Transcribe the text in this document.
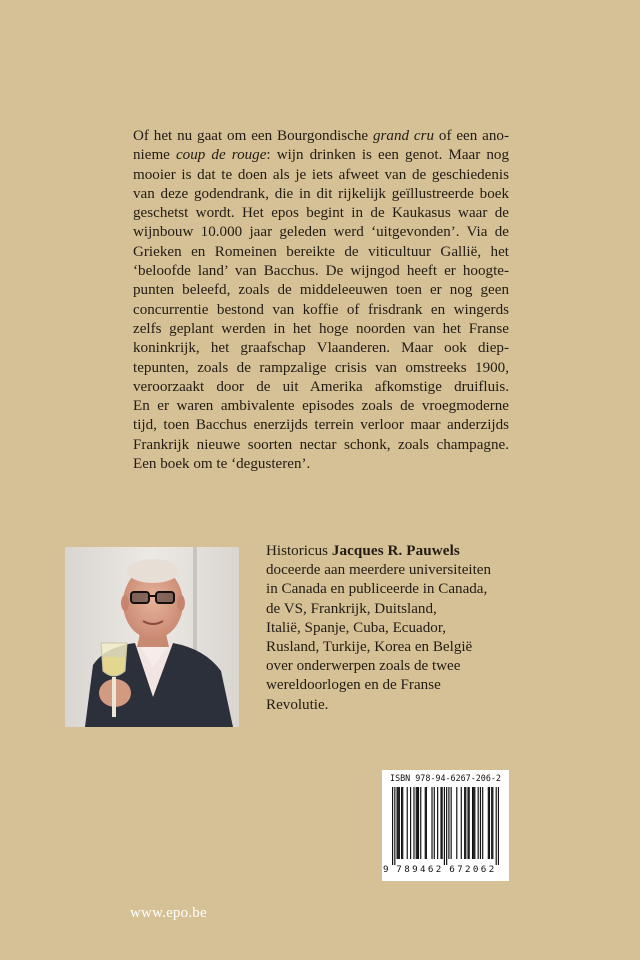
Of het nu gaat om een Bourgondische grand cru of een ano-
nieme coup de rouge: wijn drinken is een genot. Maar nog
mooier is dat te doen als je iets afweet van de geschiedenis
van deze godendrank, die in dit rijkelijk geïllustreerde boek
geschetst wordt. Het epos begint in de Kaukasus waar de
wijnbouw 10.000 jaar geleden werd ‘uitgevonden’. Via de
Grieken en Romeinen bereikte de viticultuur Gallië, het
‘beloofde land’ van Bacchus. De wijngod heeft er hoogte-
punten beleefd, zoals de middeleeuwen toen er nog geen
concurrentie bestond van koffie of frisdrank en wingerds
zelfs geplant werden in het hoge noorden van het Franse
koninkrijk, het graafschap Vlaanderen. Maar ook diep-
tepunten, zoals de rampzalige crisis van omstreeks 1900,
veroorzaakt door de uit Amerika afkomstige druifluis.
En er waren ambivalente episodes zoals de vroegmoderne
tijd, toen Bacchus enerzijds terrein verloor maar anderzijds
Frankrijk nieuwe soorten nectar schonk, zoals champagne.
Een boek om te ‘degusteren’.
Historicus Jacques R. Pauwels
doceerde aan meerdere universiteiten
in Canada en publiceerde in Canada,
de VS, Frankrijk, Duitsland,
Italië, Spanje, Cuba, Ecuador,
Rusland, Turkije, Korea en België
over onderwerpen zoals de twee
wereldoorlogen en de Franse
Revolutie.
ISBN 978-94-6267-206-2
9 7 8 9 4 6 2 6 7 2 0 6 2
www.epo.be
